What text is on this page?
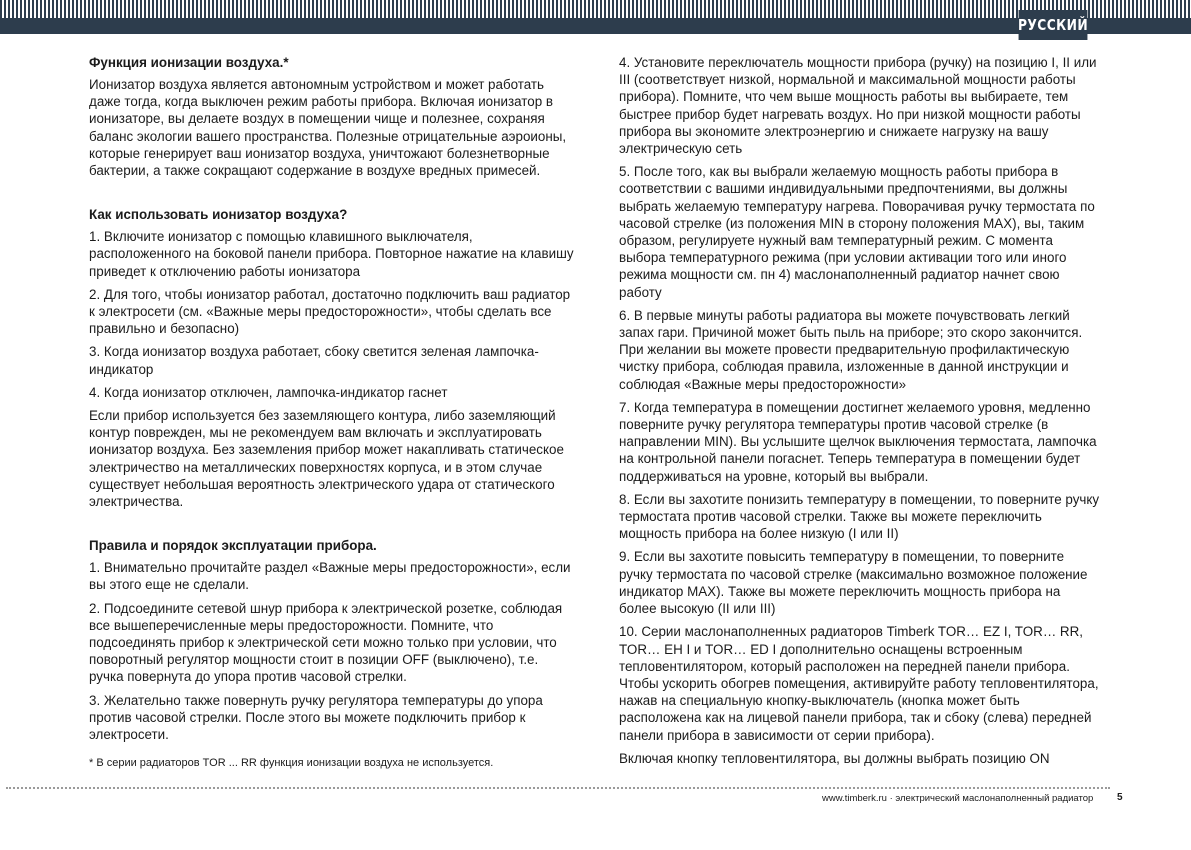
РУССКИЙ
Функция ионизации воздуха.*

Ионизатор воздуха является автономным устройством и может работать даже тогда, когда выключен режим работы прибора. Включая ионизатор в ионизаторе, вы делаете воздух в помещении чище и полезнее, сохраняя баланс экологии вашего пространства. Полезные отрицательные аэроионы, которые генерирует ваш ионизатор воздуха, уничтожают болезнетворные бактерии, а также сокращают содержание в воздухе вредных примесей.

Как использовать ионизатор воздуха?

1. Включите ионизатор с помощью клавишного выключателя, расположенного на боковой панели прибора. Повторное нажатие на клавишу приведет к отключению работы ионизатора

2. Для того, чтобы ионизатор работал, достаточно подключить ваш радиатор к электросети (см. «Важные меры предосторожности», чтобы сделать все правильно и безопасно)

3. Когда ионизатор воздуха работает, сбоку светится зеленая лампочка-индикатор

4. Когда ионизатор отключен, лампочка-индикатор гаснет

Если прибор используется без заземляющего контура, либо заземляющий контур поврежден, мы не рекомендуем вам включать и эксплуатировать ионизатор воздуха. Без заземления прибор может накапливать статическое электричество на металлических поверхностях корпуса, и в этом случае существует небольшая вероятность электрического удара от статического электричества.

Правила и порядок эксплуатации прибора.

1. Внимательно прочитайте раздел «Важные меры предосторожности», если вы этого еще не сделали.

2. Подсоедините сетевой шнур прибора к электрической розетке, соблюдая все вышеперечисленные меры предосторожности. Помните, что подсоединять прибор к электрической сети можно только при условии, что поворотный регулятор мощности стоит в позиции OFF (выключено), т.е. ручка повернута до упора против часовой стрелки.

3. Желательно также повернуть ручку регулятора температуры до упора против часовой стрелки. После этого вы можете подключить прибор к электросети.

* В серии радиаторов TOR ... RR функция ионизации воздуха не используется.

4. Установите переключатель мощности прибора (ручку) на позицию I, II или III (соответствует низкой, нормальной и максимальной мощности работы прибора). Помните, что чем выше мощность работы вы выбираете, тем быстрее прибор будет нагревать воздух. Но при низкой мощности работы прибора вы экономите электроэнергию и снижаете нагрузку на вашу электрическую сеть

5. После того, как вы выбрали желаемую мощность работы прибора в соответствии с вашими индивидуальными предпочтениями, вы должны выбрать желаемую температуру нагрева. Поворачивая ручку термостата по часовой стрелке (из положения MIN в сторону положения MAX), вы, таким образом, регулируете нужный вам температурный режим. С момента выбора температурного режима (при условии активации того или иного режима мощности см. пн 4) маслонаполненный радиатор начнет свою работу

6. В первые минуты работы радиатора вы можете почувствовать легкий запах гари. Причиной может быть пыль на приборе; это скоро закончится. При желании вы можете провести предварительную профилактическую чистку прибора, соблюдая правила, изложенные в данной инструкции и соблюдая «Важные меры предосторожности»

7. Когда температура в помещении достигнет желаемого уровня, медленно поверните ручку регулятора температуры против часовой стрелке (в направлении MIN). Вы услышите щелчок выключения термостата, лампочка на контрольной панели погаснет. Теперь температура в помещении будет поддерживаться на уровне, который вы выбрали.

8. Если вы захотите понизить температуру в помещении, то поверните ручку термостата против часовой стрелки. Также вы можете переключить мощность прибора на более низкую (I или II)

9. Если вы захотите повысить температуру в помещении, то поверните ручку термостата по часовой стрелке (максимально возможное положение индикатор MAX). Также вы можете переключить мощность прибора на более высокую (II или III)

10. Серии маслонаполненных радиаторов Timberk TOR… EZ I, TOR… RR, TOR… EH I и TOR… ED I дополнительно оснащены встроенным тепловентилятором, который расположен на передней панели прибора. Чтобы ускорить обогрев помещения, активируйте работу тепловентилятора, нажав на специальную кнопку-выключатель (кнопка может быть расположена как на лицевой панели прибора, так и сбоку (слева) передней панели прибора в зависимости от серии прибора).

Включая кнопку тепловентилятора, вы должны выбрать позицию ON

www.timberk.ru · электрический маслонаполненный радиатор 5
